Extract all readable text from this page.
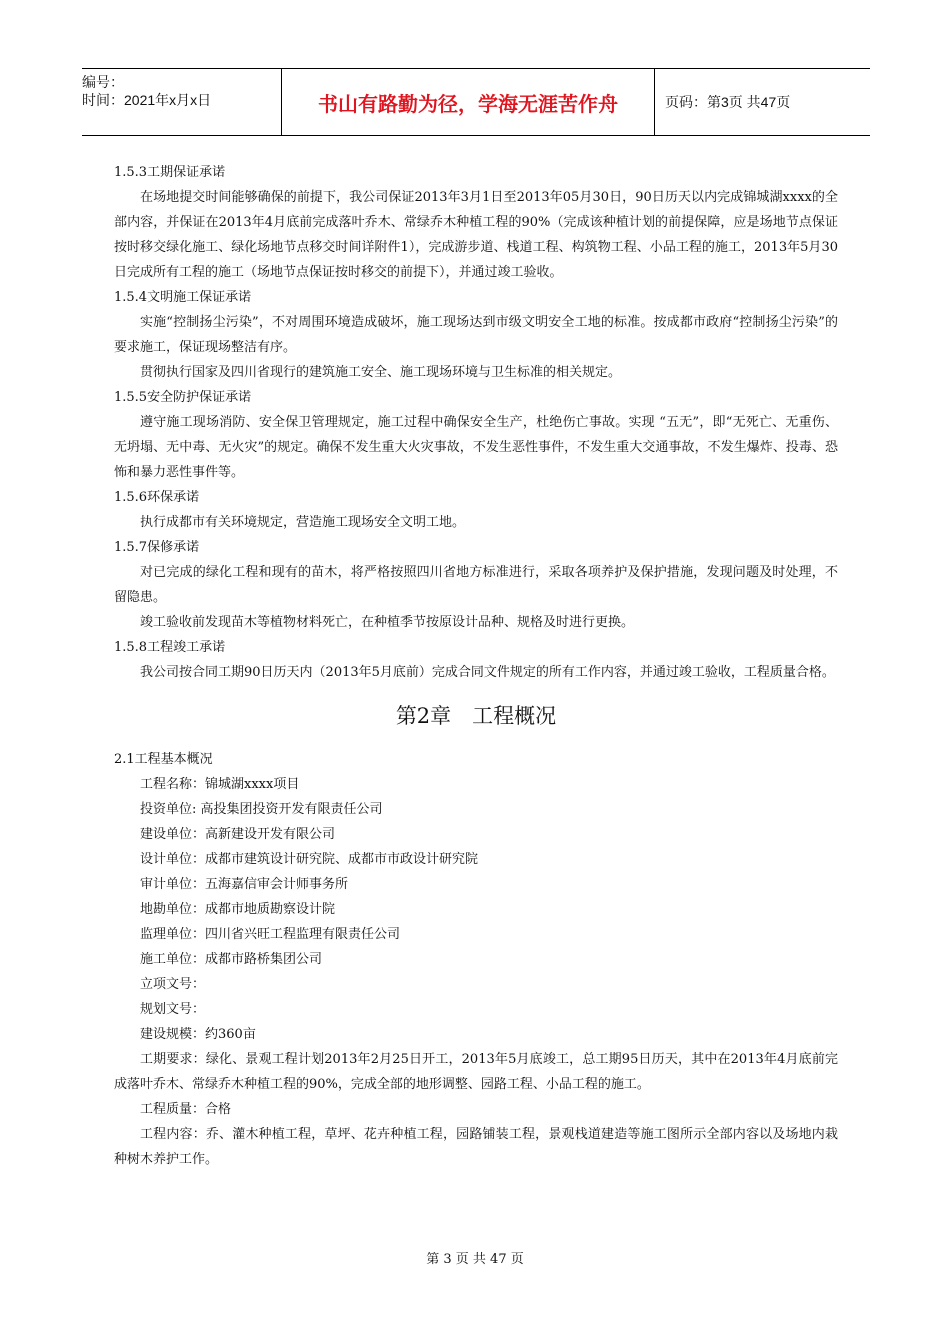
编号：
时间：2021年x月x日	书山有路勤为径，学海无涯苦作舟	页码：第3页 共47页

1.5.3工期保证承诺

在场地提交时间能够确保的前提下，我公司保证2013年3月1日至2013年05月30日，90日历天以内完成锦城湖xxxx的全部内容，并保证在2013年4月底前完成落叶乔木、常绿乔木种植工程的90%（完成该种植计划的前提保障，应是场地节点保证按时移交绿化施工、绿化场地节点移交时间详附件1），完成游步道、栈道工程、构筑物工程、小品工程的施工，2013年5月30日完成所有工程的施工（场地节点保证按时移交的前提下），并通过竣工验收。

1.5.4文明施工保证承诺

实施“控制扬尘污染”，不对周围环境造成破坏，施工现场达到市级文明安全工地的标准。按成都市政府“控制扬尘污染”的要求施工，保证现场整洁有序。

贯彻执行国家及四川省现行的建筑施工安全、施工现场环境与卫生标准的相关规定。

1.5.5安全防护保证承诺

遵守施工现场消防、安全保卫管理规定，施工过程中确保安全生产，杜绝伤亡事故。实现 “五无”，即“无死亡、无重伤、无坍塌、无中毒、无火灾”的规定。确保不发生重大火灾事故，不发生恶性事件，不发生重大交通事故，不发生爆炸、投毒、恐怖和暴力恶性事件等。

1.5.6环保承诺

执行成都市有关环境规定，营造施工现场安全文明工地。

1.5.7保修承诺

对已完成的绿化工程和现有的苗木，将严格按照四川省地方标准进行，采取各项养护及保护措施，发现问题及时处理，不留隐患。

竣工验收前发现苗木等植物材料死亡，在种植季节按原设计品种、规格及时进行更换。

1.5.8工程竣工承诺

我公司按合同工期90日历天内（2013年5月底前）完成合同文件规定的所有工作内容，并通过竣工验收，工程质量合格。

第2章　工程概况

2.1工程基本概况

工程名称：锦城湖xxxx项目

投资单位: 高投集团投资开发有限责任公司

建设单位：高新建设开发有限公司

设计单位：成都市建筑设计研究院、成都市市政设计研究院

审计单位：五海嘉信审会计师事务所

地勘单位：成都市地质勘察设计院

监理单位：四川省兴旺工程监理有限责任公司

施工单位：成都市路桥集团公司

立项文号：

规划文号：

建设规模：约360亩

工期要求：绿化、景观工程计划2013年2月25日开工，2013年5月底竣工，总工期95日历天，其中在2013年4月底前完成落叶乔木、常绿乔木种植工程的90%，完成全部的地形调整、园路工程、小品工程的施工。

工程质量：合格

工程内容：乔、灌木种植工程，草坪、花卉种植工程，园路铺装工程，景观栈道建造等施工图所示全部内容以及场地内栽种树木养护工作。

第 3 页 共 47 页
